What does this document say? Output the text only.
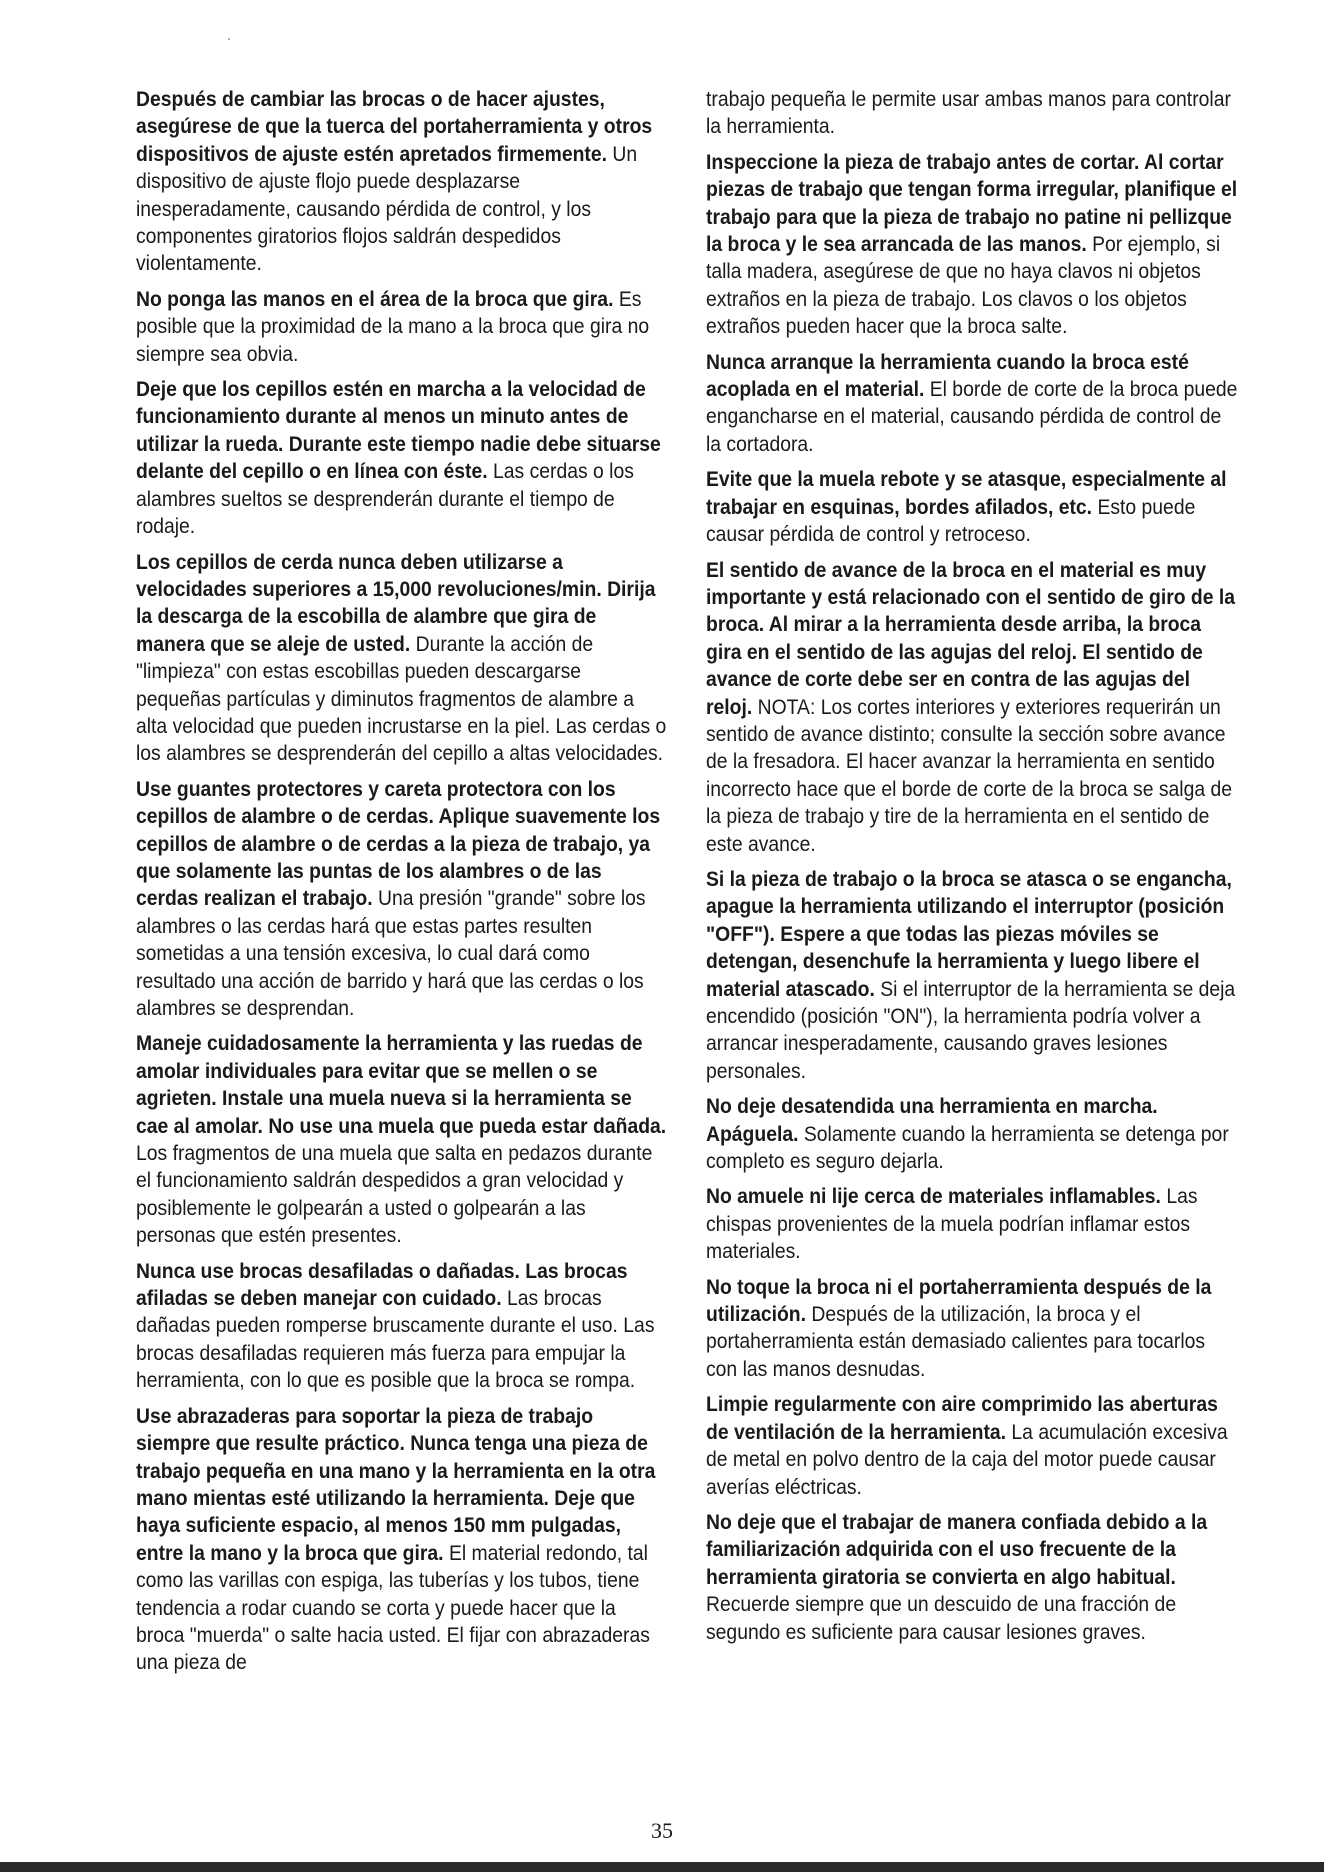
Después de cambiar las brocas o de hacer ajustes, asegúrese de que la tuerca del portaherramienta y otros dispositivos de ajuste estén apretados firmemente. Un dispositivo de ajuste flojo puede desplazarse inesperadamente, causando pérdida de control, y los componentes giratorios flojos saldrán despedidos violentamente.

No ponga las manos en el área de la broca que gira. Es posible que la proximidad de la mano a la broca que gira no siempre sea obvia.

Deje que los cepillos estén en marcha a la velocidad de funcionamiento durante al menos un minuto antes de utilizar la rueda. Durante este tiempo nadie debe situarse delante del cepillo o en línea con éste. Las cerdas o los alambres sueltos se desprenderán durante el tiempo de rodaje.

Los cepillos de cerda nunca deben utilizarse a velocidades superiores a 15,000 revoluciones/min. Dirija la descarga de la escobilla de alambre que gira de manera que se aleje de usted. Durante la acción de "limpieza" con estas escobillas pueden descargarse pequeñas partículas y diminutos fragmentos de alambre a alta velocidad que pueden incrustarse en la piel. Las cerdas o los alambres se desprenderán del cepillo a altas velocidades.

Use guantes protectores y careta protectora con los cepillos de alambre o de cerdas. Aplique suavemente los cepillos de alambre o de cerdas a la pieza de trabajo, ya que solamente las puntas de los alambres o de las cerdas realizan el trabajo. Una presión "grande" sobre los alambres o las cerdas hará que estas partes resulten sometidas a una tensión excesiva, lo cual dará como resultado una acción de barrido y hará que las cerdas o los alambres se desprendan.

Maneje cuidadosamente la herramienta y las ruedas de amolar individuales para evitar que se mellen o se agrieten. Instale una muela nueva si la herramienta se cae al amolar. No use una muela que pueda estar dañada. Los fragmentos de una muela que salta en pedazos durante el funcionamiento saldrán despedidos a gran velocidad y posiblemente le golpearán a usted o golpearán a las personas que estén presentes.

Nunca use brocas desafiladas o dañadas. Las brocas afiladas se deben manejar con cuidado. Las brocas dañadas pueden romperse bruscamente durante el uso. Las brocas desafiladas requieren más fuerza para empujar la herramienta, con lo que es posible que la broca se rompa.

Use abrazaderas para soportar la pieza de trabajo siempre que resulte práctico. Nunca tenga una pieza de trabajo pequeña en una mano y la herramienta en la otra mano mientas esté utilizando la herramienta. Deje que haya suficiente espacio, al menos 150 mm pulgadas, entre la mano y la broca que gira. El material redondo, tal como las varillas con espiga, las tuberías y los tubos, tiene tendencia a rodar cuando se corta y puede hacer que la broca "muerda" o salte hacia usted. El fijar con abrazaderas una pieza de

trabajo pequeña le permite usar ambas manos para controlar la herramienta.

Inspeccione la pieza de trabajo antes de cortar. Al cortar piezas de trabajo que tengan forma irregular, planifique el trabajo para que la pieza de trabajo no patine ni pellizque la broca y le sea arrancada de las manos. Por ejemplo, si talla madera, asegúrese de que no haya clavos ni objetos extraños en la pieza de trabajo. Los clavos o los objetos extraños pueden hacer que la broca salte.

Nunca arranque la herramienta cuando la broca esté acoplada en el material. El borde de corte de la broca puede engancharse en el material, causando pérdida de control de la cortadora.

Evite que la muela rebote y se atasque, especialmente al trabajar en esquinas, bordes afilados, etc. Esto puede causar pérdida de control y retroceso.

El sentido de avance de la broca en el material es muy importante y está relacionado con el sentido de giro de la broca. Al mirar a la herramienta desde arriba, la broca gira en el sentido de las agujas del reloj. El sentido de avance de corte debe ser en contra de las agujas del reloj. NOTA: Los cortes interiores y exteriores requerirán un sentido de avance distinto; consulte la sección sobre avance de la fresadora. El hacer avanzar la herramienta en sentido incorrecto hace que el borde de corte de la broca se salga de la pieza de trabajo y tire de la herramienta en el sentido de este avance.

Si la pieza de trabajo o la broca se atasca o se engancha, apague la herramienta utilizando el interruptor (posición "OFF"). Espere a que todas las piezas móviles se detengan, desenchufe la herramienta y luego libere el material atascado. Si el interruptor de la herramienta se deja encendido (posición "ON"), la herramienta podría volver a arrancar inesperadamente, causando graves lesiones personales.

No deje desatendida una herramienta en marcha. Apáguela. Solamente cuando la herramienta se detenga por completo es seguro dejarla.

No amuele ni lije cerca de materiales inflamables. Las chispas provenientes de la muela podrían inflamar estos materiales.

No toque la broca ni el portaherramienta después de la utilización. Después de la utilización, la broca y el portaherramienta están demasiado calientes para tocarlos con las manos desnudas.

Limpie regularmente con aire comprimido las aberturas de ventilación de la herramienta. La acumulación excesiva de metal en polvo dentro de la caja del motor puede causar averías eléctricas.

No deje que el trabajar de manera confiada debido a la familiarización adquirida con el uso frecuente de la herramienta giratoria se convierta en algo habitual. Recuerde siempre que un descuido de una fracción de segundo es suficiente para causar lesiones graves.

35
